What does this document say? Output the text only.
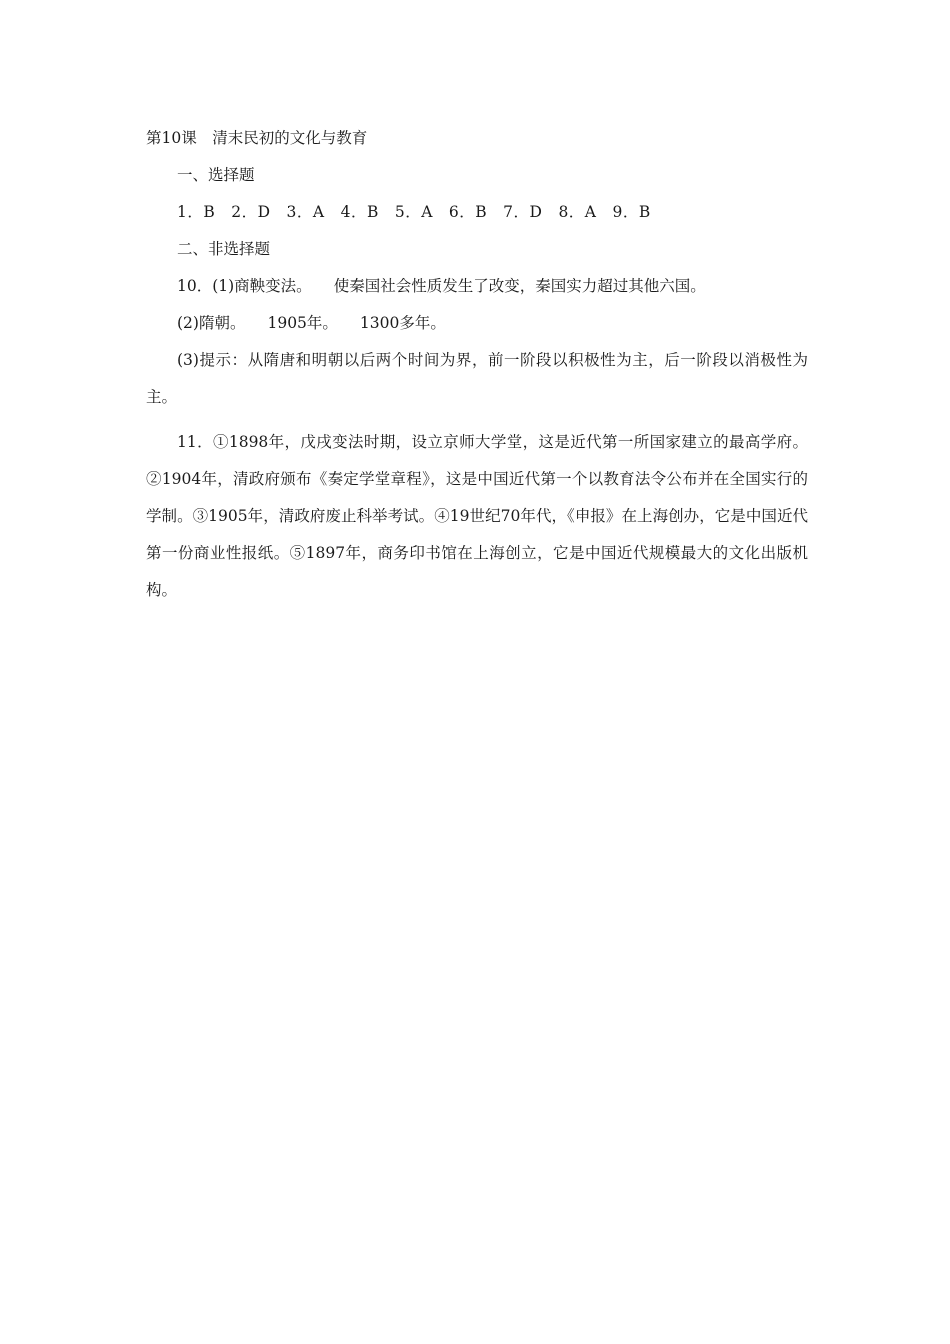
第10课　清末民初的文化与教育
一、选择题
1．B　2．D　3．A　4．B　5．A　6．B　7．D　8．A　9．B
二、非选择题
10．(1)商鞅变法。 使秦国社会性质发生了改变，秦国实力超过其他六国。
(2)隋朝。 1905年。 1300多年。
(3)提示：从隋唐和明朝以后两个时间为界，前一阶段以积极性为主，后一阶段以消极性为主。
11．①1898年，戊戌变法时期，设立京师大学堂，这是近代第一所国家建立的最高学府。②1904年，清政府颁布《奏定学堂章程》，这是中国近代第一个以教育法令公布并在全国实行的学制。③1905年，清政府废止科举考试。④19世纪70年代，《申报》在上海创办，它是中国近代第一份商业性报纸。⑤1897年，商务印书馆在上海创立，它是中国近代规模最大的文化出版机构。
